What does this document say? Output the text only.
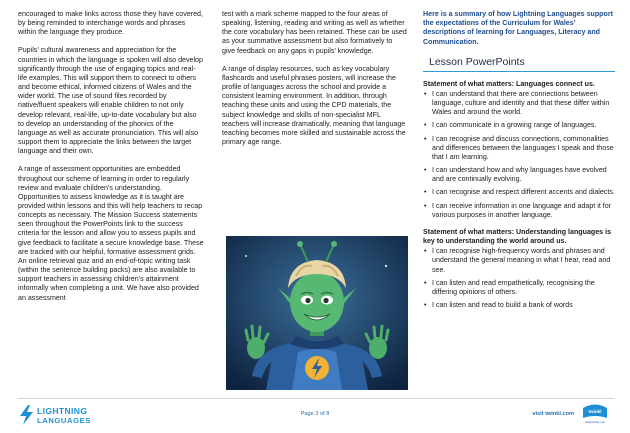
encouraged to make links across those they have covered, by being reminded to interchange words and phrases within the language they produce.

Pupils’ cultural awareness and appreciation for the countries in which the language is spoken will also develop significantly through the use of engaging topics and real-life examples. This will support them to connect to others and become ethical, informed citizens of Wales and the wider world. The use of sound files recorded by native/fluent speakers will enable children to not only develop relevant, real-life, up-to-date vocabulary but also to develop an understanding of the phonics of the language as well as accurate pronunciation. This will also support them to appreciate the links between the target language and their own.

A range of assessment opportunities are embedded throughout our scheme of learning in order to regularly review and evaluate children’s understanding. Opportunities to assess knowledge as it is taught are provided within lessons and this will help teachers to recap concepts as necessary. The Mission Success statements seen throughout the PowerPoints link to the success criteria for the lesson and allow you to assess pupils and give feedback to facilitate a secure knowledge base. These are tracked with our helpful, formative assessment grids. An online retrieval quiz and an end-of-topic writing task (within the sentence building packs) are also available to support teachers in assessing children’s attainment informally when completing a unit. We have also provided an assessment

test with a mark scheme mapped to the four areas of speaking, listening, reading and writing as well as whether the core vocabulary has been retained. These can be used as your summative assessment but also formatively to give feedback on any gaps in pupils’ knowledge.

A range of display resources, such as key vocabulary flashcards and useful phrases posters, will increase the profile of languages across the school and provide a consistent learning environment. In addition, through teaching these units and using the CPD materials, the subject knowledge and skills of non-specialist MFL teachers will increase dramatically, meaning that language teaching becomes more skilled and sustainable across the primary age range.

Here is a summary of how Lightning Languages support the expectations of the Curriculum for Wales’ descriptions of learning for Languages, Literacy and Communication.
Lesson PowerPoints
Statement of what matters: Languages connect us.
• I can understand that there are connections between language, culture and identity and that these differ within Wales and around the world.
• I can communicate in a growing range of languages.
• I can recognise and discuss connections, commonalities and differences between the languages I speak and those that I am learning.
• I can understand how and why languages have evolved and are continually evolving.
• I can recognise and respect different accents and dialects.
• I can receive information in one language and adapt it for various purposes in another language.
Statement of what matters: Understanding languages is key to understanding the world around us.
• I can recognise high-frequency words and phrases and understand the general meaning in what I hear, read and see.
• I can listen and read empathetically, recognising the differing opinions of others.
• I can listen and read to build a bank of words
LIGHTNING
LANGUAGES
Page 3 of 8	visit twinkl.com	twinkl
inspired by you
